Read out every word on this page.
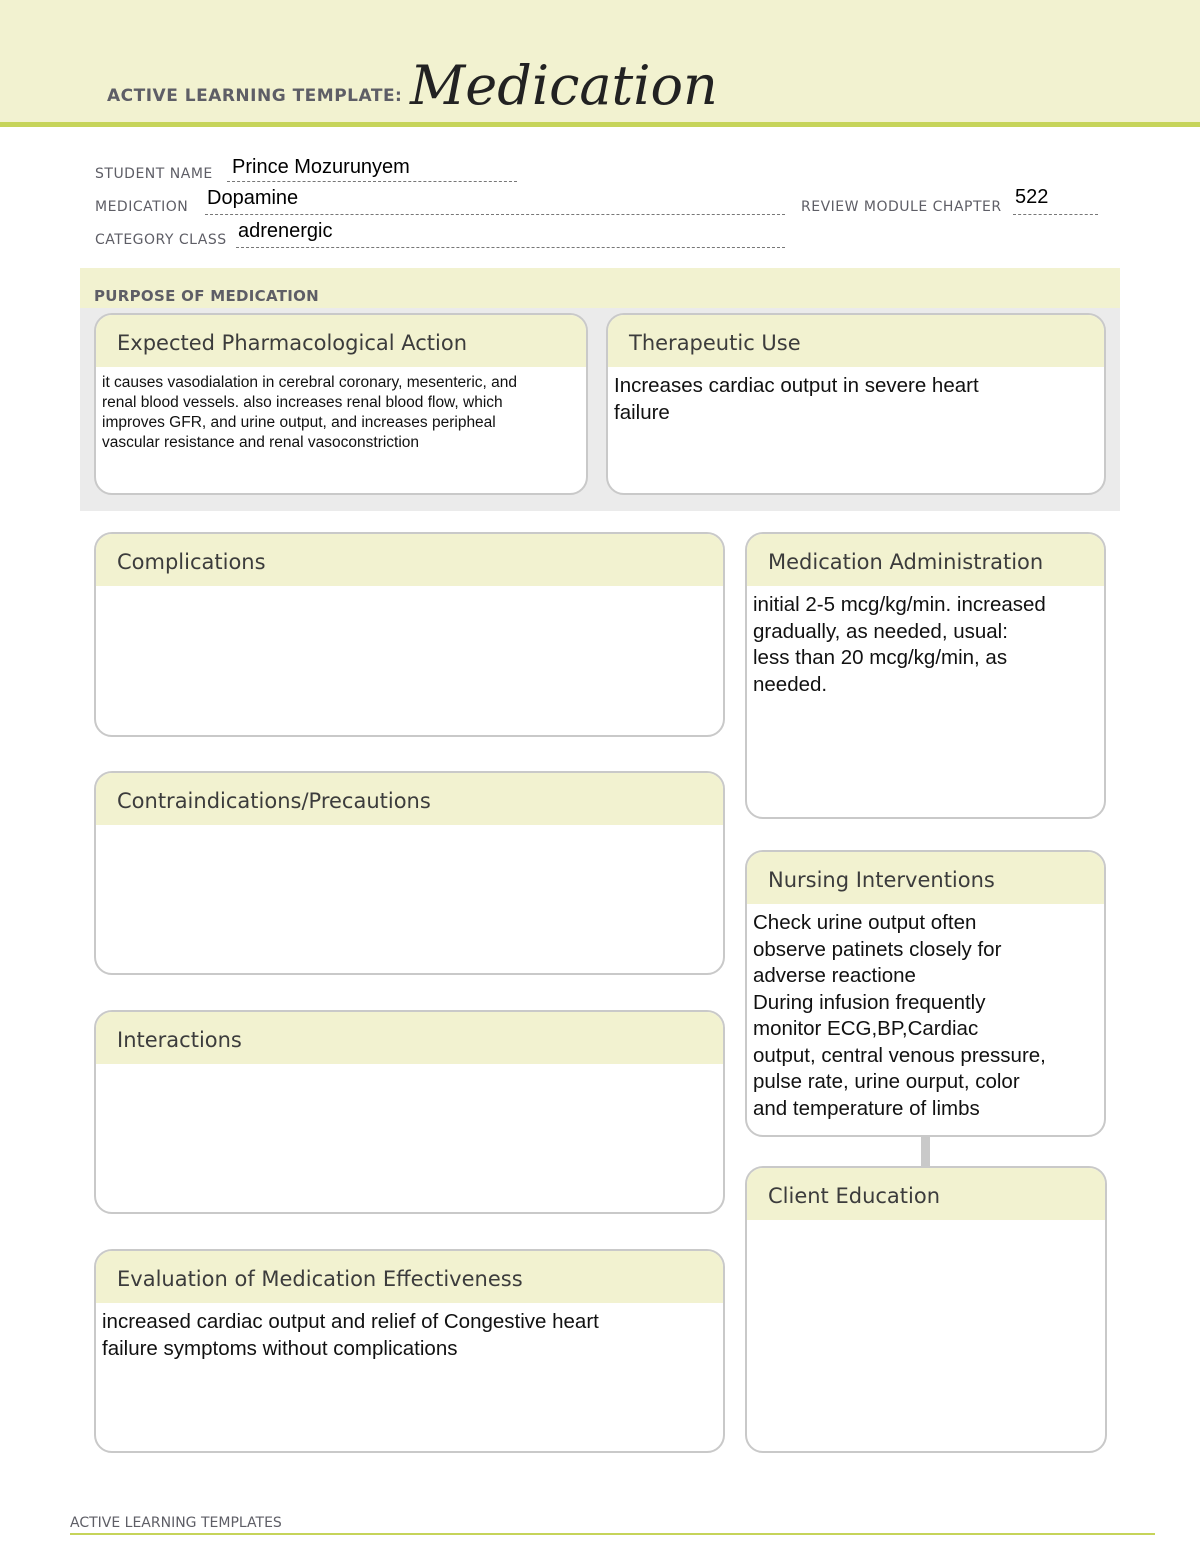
ACTIVE LEARNING TEMPLATE: Medication
STUDENT NAME Prince Mozurunyem
MEDICATION Dopamine	REVIEW MODULE CHAPTER 522
CATEGORY CLASS adrenergic
PURPOSE OF MEDICATION
Expected Pharmacological Action
it causes vasodialation in cerebral coronary, mesenteric, and
renal blood vessels. also increases renal blood flow, which
improves GFR, and urine output, and increases peripheal
vascular resistance and renal vasoconstriction
Therapeutic Use
Increases cardiac output in severe heart
failure
Complications
Contraindications/Precautions
Interactions
Evaluation of Medication Effectiveness
increased cardiac output and relief of Congestive heart
failure symptoms without complications
Medication Administration
initial 2-5 mcg/kg/min. increased
gradually, as needed, usual:
less than 20 mcg/kg/min, as
needed.
Nursing Interventions
Check urine output often
observe patinets closely for
adverse reactione
During infusion frequently
monitor ECG,BP,Cardiac
output, central venous pressure,
pulse rate, urine ourput, color
and temperature of limbs
Client Education
ACTIVE LEARNING TEMPLATES
